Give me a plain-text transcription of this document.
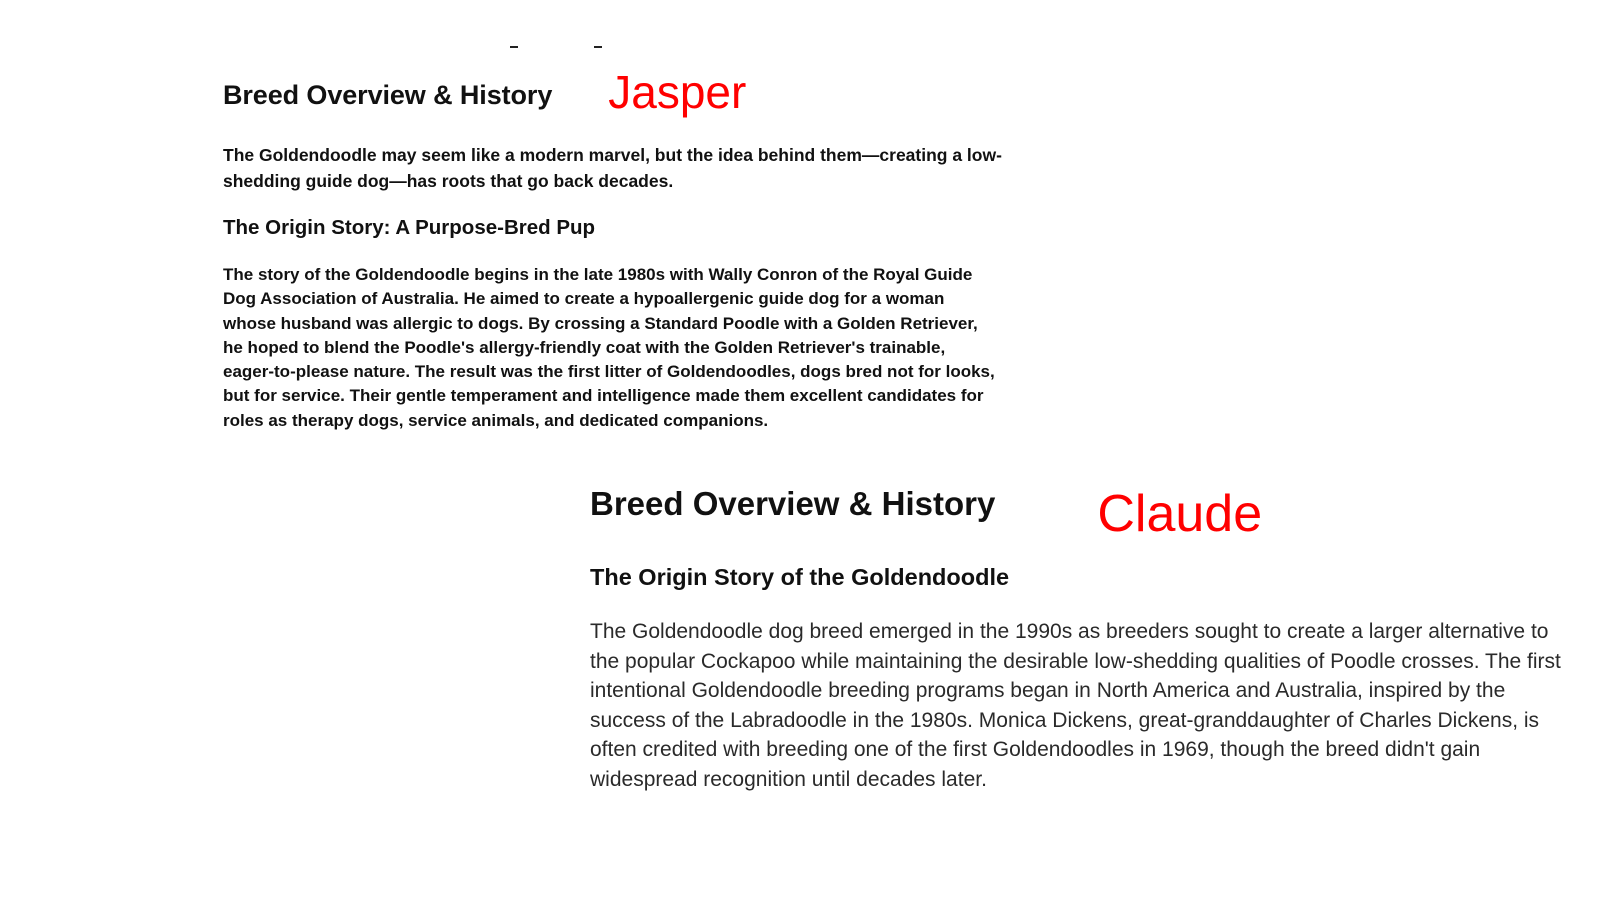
Breed Overview & History Jasper

The Goldendoodle may seem like a modern marvel, but the idea behind them—creating a low-shedding guide dog—has roots that go back decades.

The Origin Story: A Purpose-Bred Pup

The story of the Goldendoodle begins in the late 1980s with Wally Conron of the Royal Guide Dog Association of Australia. He aimed to create a hypoallergenic guide dog for a woman whose husband was allergic to dogs. By crossing a Standard Poodle with a Golden Retriever, he hoped to blend the Poodle's allergy-friendly coat with the Golden Retriever's trainable, eager-to-please nature. The result was the first litter of Goldendoodles, dogs bred not for looks, but for service. Their gentle temperament and intelligence made them excellent candidates for roles as therapy dogs, service animals, and dedicated companions.

Breed Overview & History Claude
The Origin Story of the Goldendoodle

The Goldendoodle dog breed emerged in the 1990s as breeders sought to create a larger alternative to the popular Cockapoo while maintaining the desirable low-shedding qualities of Poodle crosses. The first intentional Goldendoodle breeding programs began in North America and Australia, inspired by the success of the Labradoodle in the 1980s. Monica Dickens, great-granddaughter of Charles Dickens, is often credited with breeding one of the first Goldendoodles in 1969, though the breed didn't gain widespread recognition until decades later.
